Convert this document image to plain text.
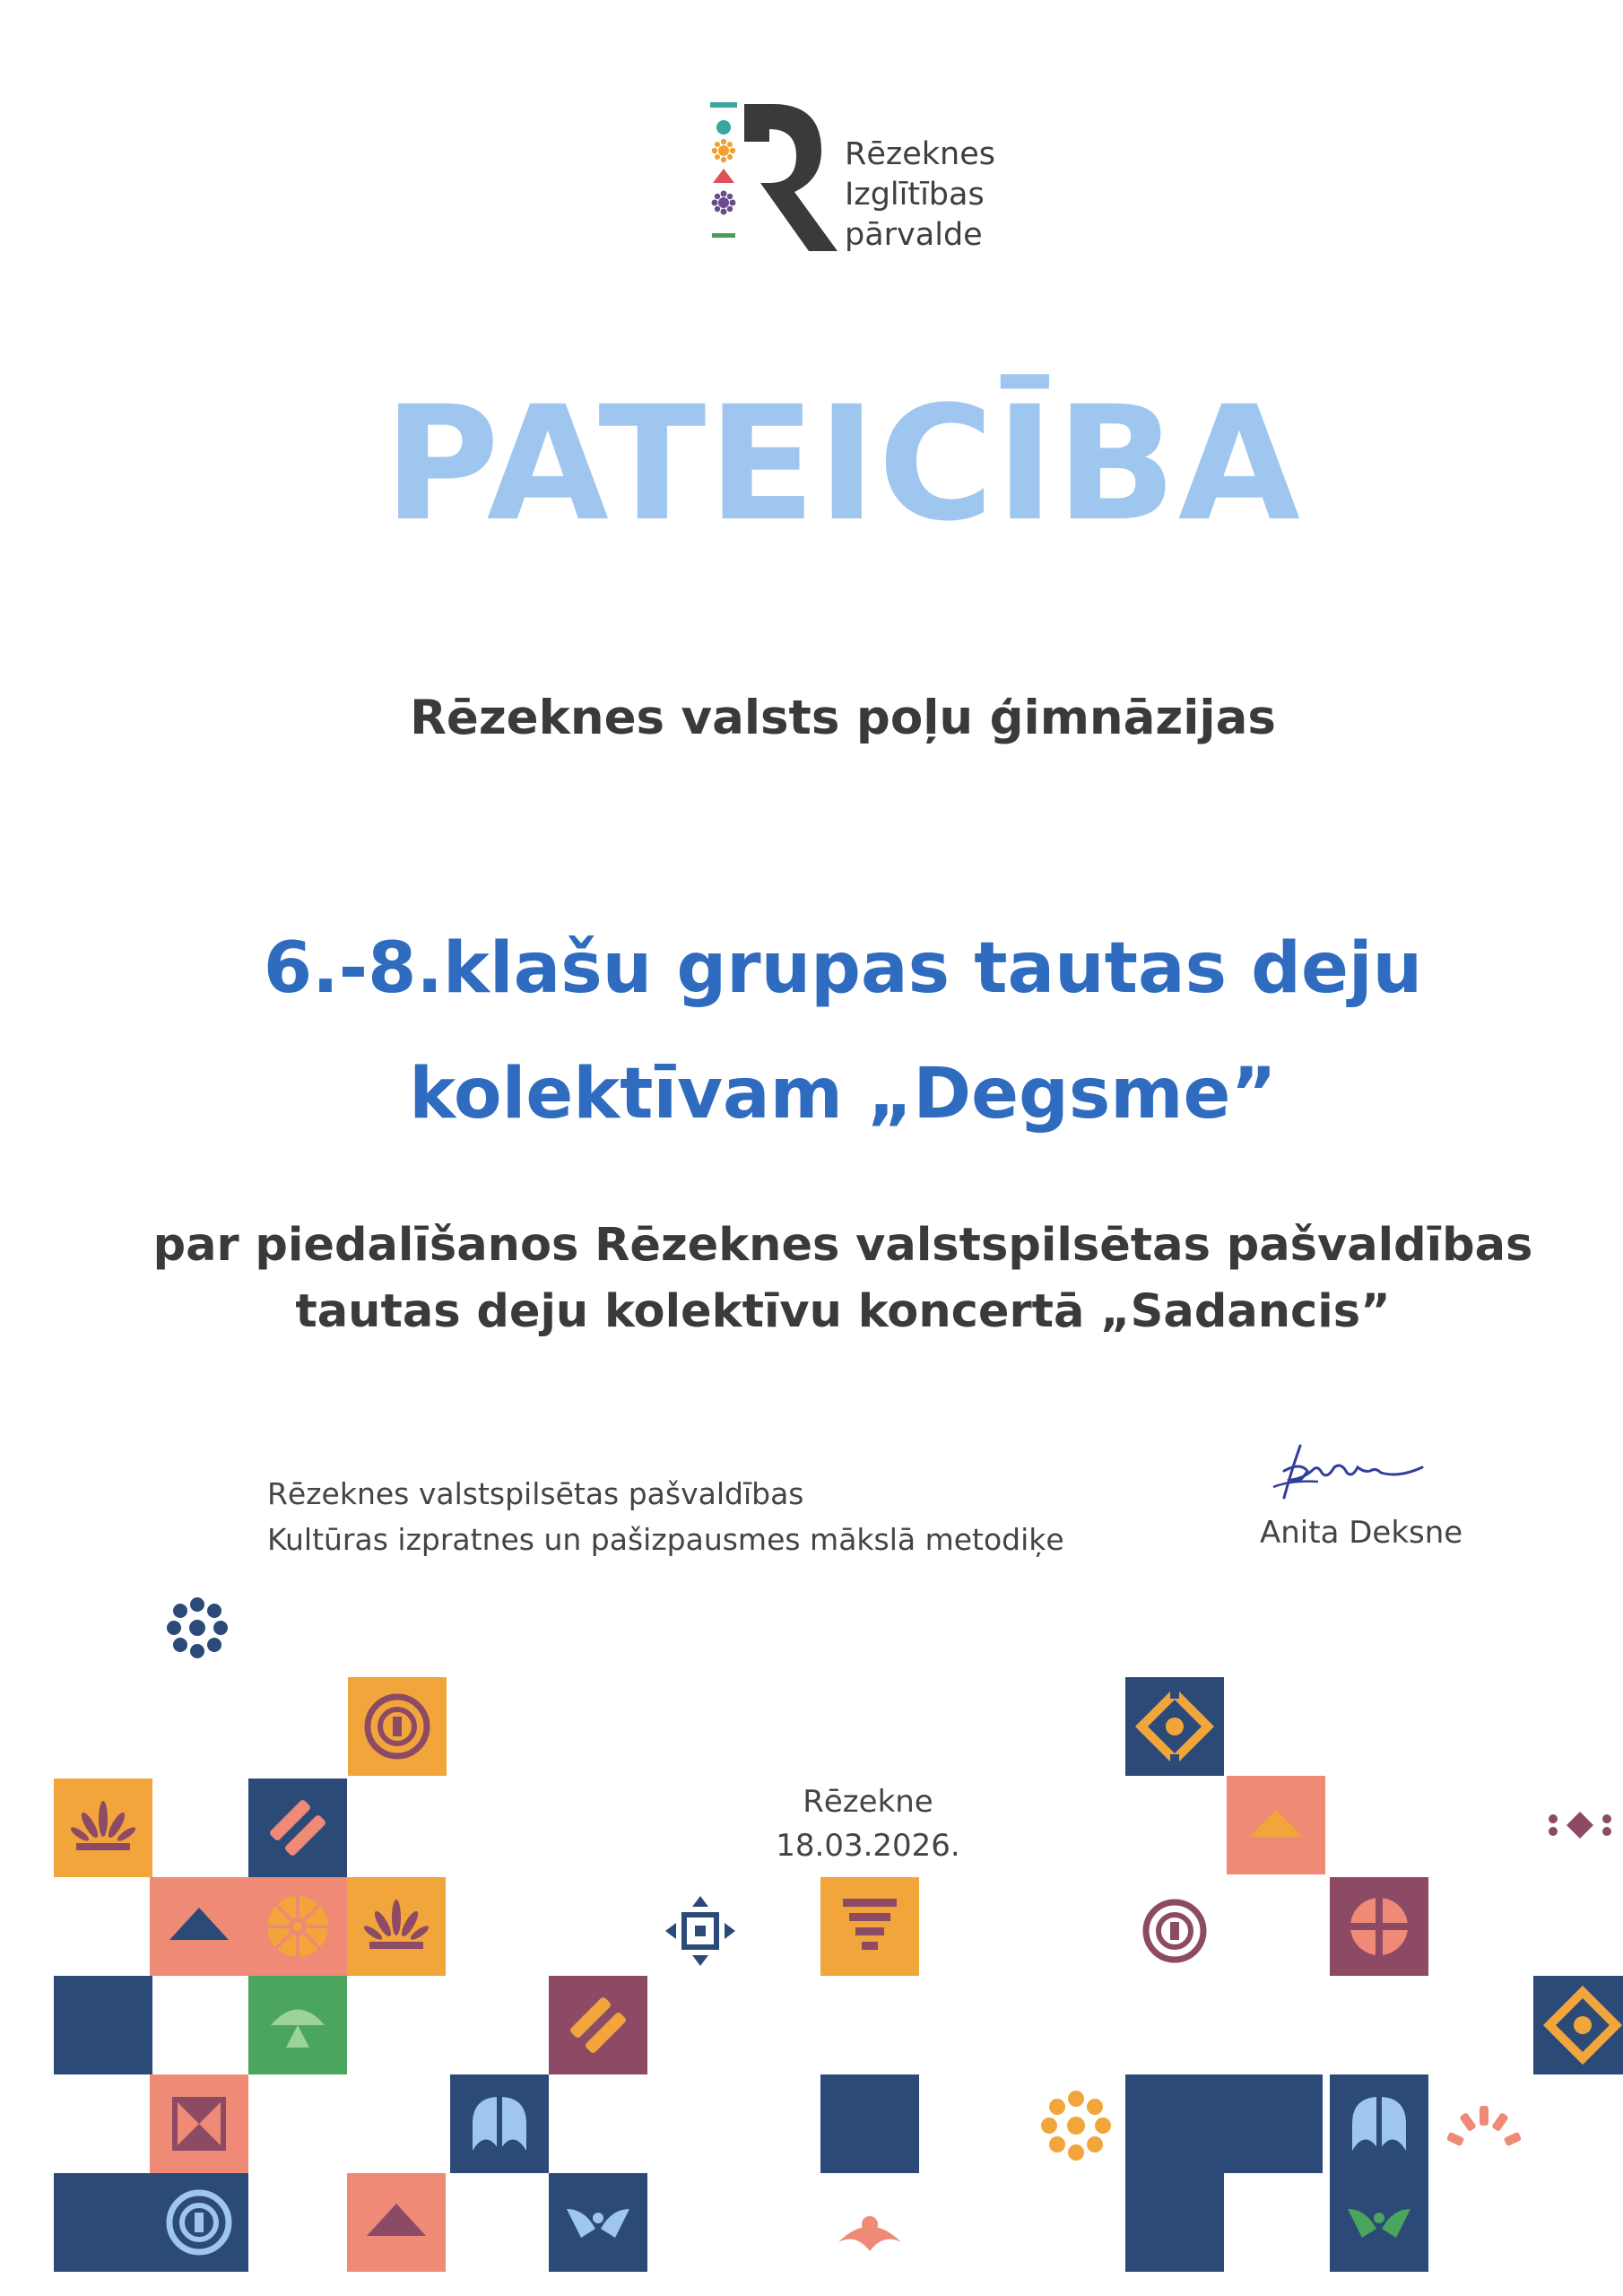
Rēzeknes
Izglītības
pārvalde
PATEICĪBA
Rēzeknes valsts poļu ģimnāzijas
6.-8.klašu grupas tautas deju
kolektīvam „Degsme”
par piedalīšanos Rēzeknes valstspilsētas pašvaldības
tautas deju kolektīvu koncertā „Sadancis”
Rēzeknes valstspilsētas pašvaldības
Kultūras izpratnes un pašizpausmes mākslā metodiķe	Anita Deksne
Rēzekne
18.03.2026.
